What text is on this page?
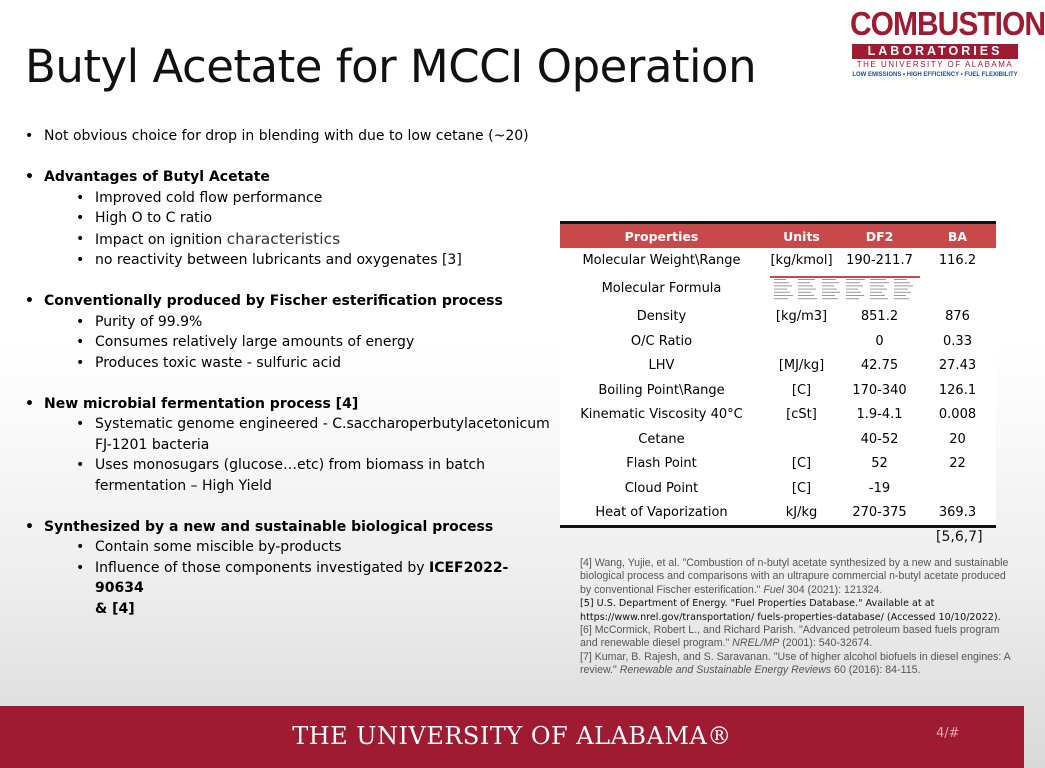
Butyl Acetate for MCCI Operation
COMBUSTION
LABORATORIES
THE UNIVERSITY OF ALABAMA
LOW EMISSIONS • HIGH EFFICIENCY • FUEL FLEXIBILITY
• Not obvious choice for drop in blending with due to low cetane (~20)
• Advantages of Butyl Acetate
• Improved cold flow performance
• High O to C ratio
• Impact on ignition characteristics
• no reactivity between lubricants and oxygenates [3]
• Conventionally produced by Fischer esterification process
• Purity of 99.9%
• Consumes relatively large amounts of energy
• Produces toxic waste - sulfuric acid
• New microbial fermentation process [4]
• Systematic genome engineered - C.saccharoperbutylacetonicum
FJ-1201 bacteria
• Uses monosugars (glucose…etc) from biomass in batch
fermentation – High Yield
• Synthesized by a new and sustainable biological process
• Contain some miscible by-products
• Influence of those components investigated by ICEF2022-90634
& [4]
Properties	Units	DF2	BA
Molecular Weight\Range	[kg/kmol]	190-211.7	116.2
Molecular Formula		

Density	[kg/m3]	851.2	876
O/C Ratio		0	0.33
LHV	[MJ/kg]	42.75	27.43
Boiling Point\Range	[C]	170-340	126.1
Kinematic Viscosity 40°C	[cSt]	1.9-4.1	0.008
Cetane		40-52	20
Flash Point	[C]	52	22
Cloud Point	[C]	-19	
Heat of Vaporization	kJ/kg	270-375	369.3
[5,6,7]

[4] Wang, Yujie, et al. "Combustion of n-butyl acetate synthesized by a new and sustainable biological process and comparisons with an ultrapure commercial n-butyl acetate produced by conventional Fischer esterification." Fuel 304 (2021): 121324.

[5] U.S. Department of Energy. "Fuel Properties Database." Available at at
https://www.nrel.gov/transportation/ fuels-properties-database/ (Accessed 10/10/2022).

[6] McCormick, Robert L., and Richard Parish. "Advanced petroleum based fuels program and renewable diesel program." NREL/MP (2001): 540-32674.

[7] Kumar, B. Rajesh, and S. Saravanan. "Use of higher alcohol biofuels in diesel engines: A review." Renewable and Sustainable Energy Reviews 60 (2016): 84-115.

THE UNIVERSITY OF ALABAMA®	4/#
